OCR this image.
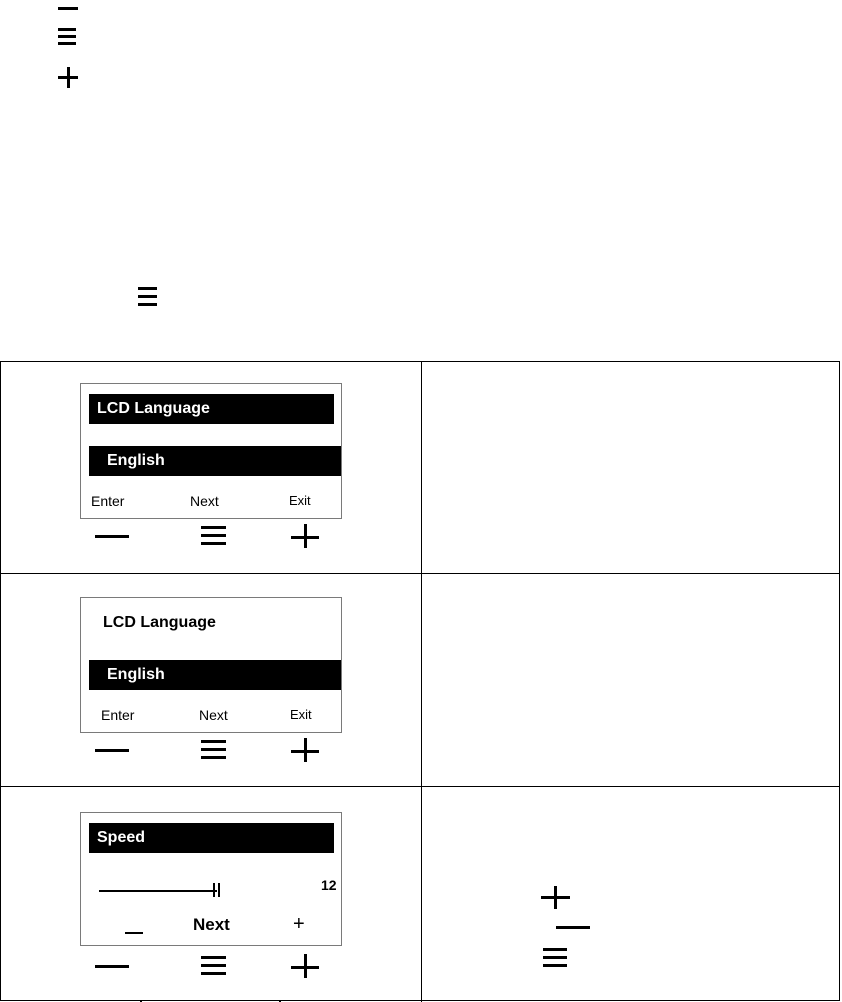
LCD Language
English
Enter	Next	Exit
LCD Language
English
Enter	Next	Exit
Speed
12
Next	+
